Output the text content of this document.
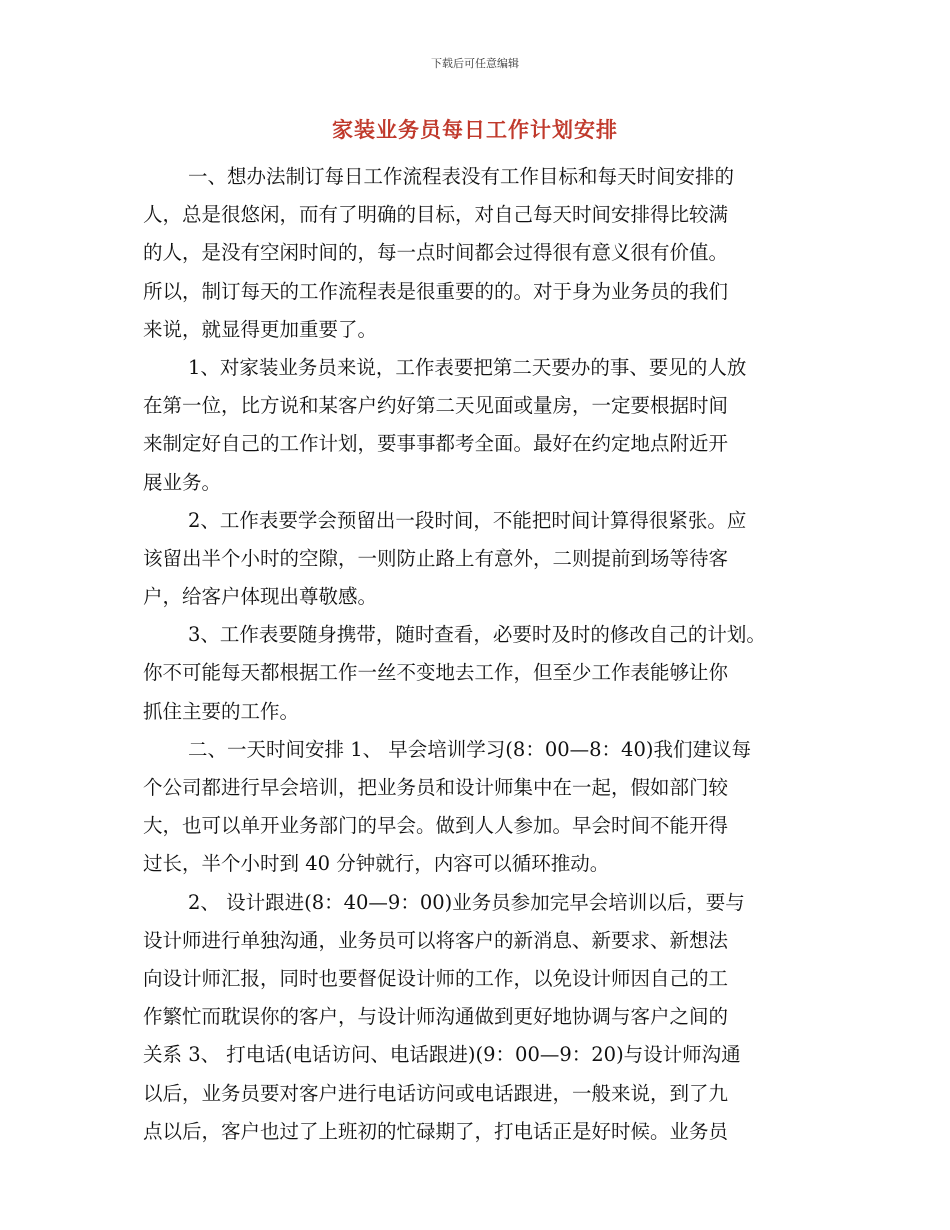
下载后可任意编辑
家装业务员每日工作计划安排
一、想办法制订每日工作流程表没有工作目标和每天时间安排的
人，总是很悠闲，而有了明确的目标，对自己每天时间安排得比较满
的人，是没有空闲时间的，每一点时间都会过得很有意义很有价值。
所以，制订每天的工作流程表是很重要的的。对于身为业务员的我们
来说，就显得更加重要了。
1、对家装业务员来说，工作表要把第二天要办的事、要见的人放
在第一位，比方说和某客户约好第二天见面或量房，一定要根据时间
来制定好自己的工作计划，要事事都考全面。最好在约定地点附近开
展业务。
2、工作表要学会预留出一段时间，不能把时间计算得很紧张。应
该留出半个小时的空隙，一则防止路上有意外，二则提前到场等待客
户，给客户体现出尊敬感。
3、工作表要随身携带，随时查看，必要时及时的修改自己的计划。
你不可能每天都根据工作一丝不变地去工作，但至少工作表能够让你
抓住主要的工作。
二、一天时间安排 1、 早会培训学习(8：00—8：40)我们建议每
个公司都进行早会培训，把业务员和设计师集中在一起，假如部门较
大，也可以单开业务部门的早会。做到人人参加。早会时间不能开得
过长，半个小时到 40 分钟就行，内容可以循环推动。
2、 设计跟进(8：40—9：00)业务员参加完早会培训以后，要与
设计师进行单独沟通，业务员可以将客户的新消息、新要求、新想法
向设计师汇报，同时也要督促设计师的工作，以免设计师因自己的工
作繁忙而耽误你的客户，与设计师沟通做到更好地协调与客户之间的
关系 3、 打电话(电话访问、电话跟进)(9：00—9：20)与设计师沟通
以后，业务员要对客户进行电话访问或电话跟进，一般来说，到了九
点以后，客户也过了上班初的忙碌期了，打电话正是好时候。业务员
